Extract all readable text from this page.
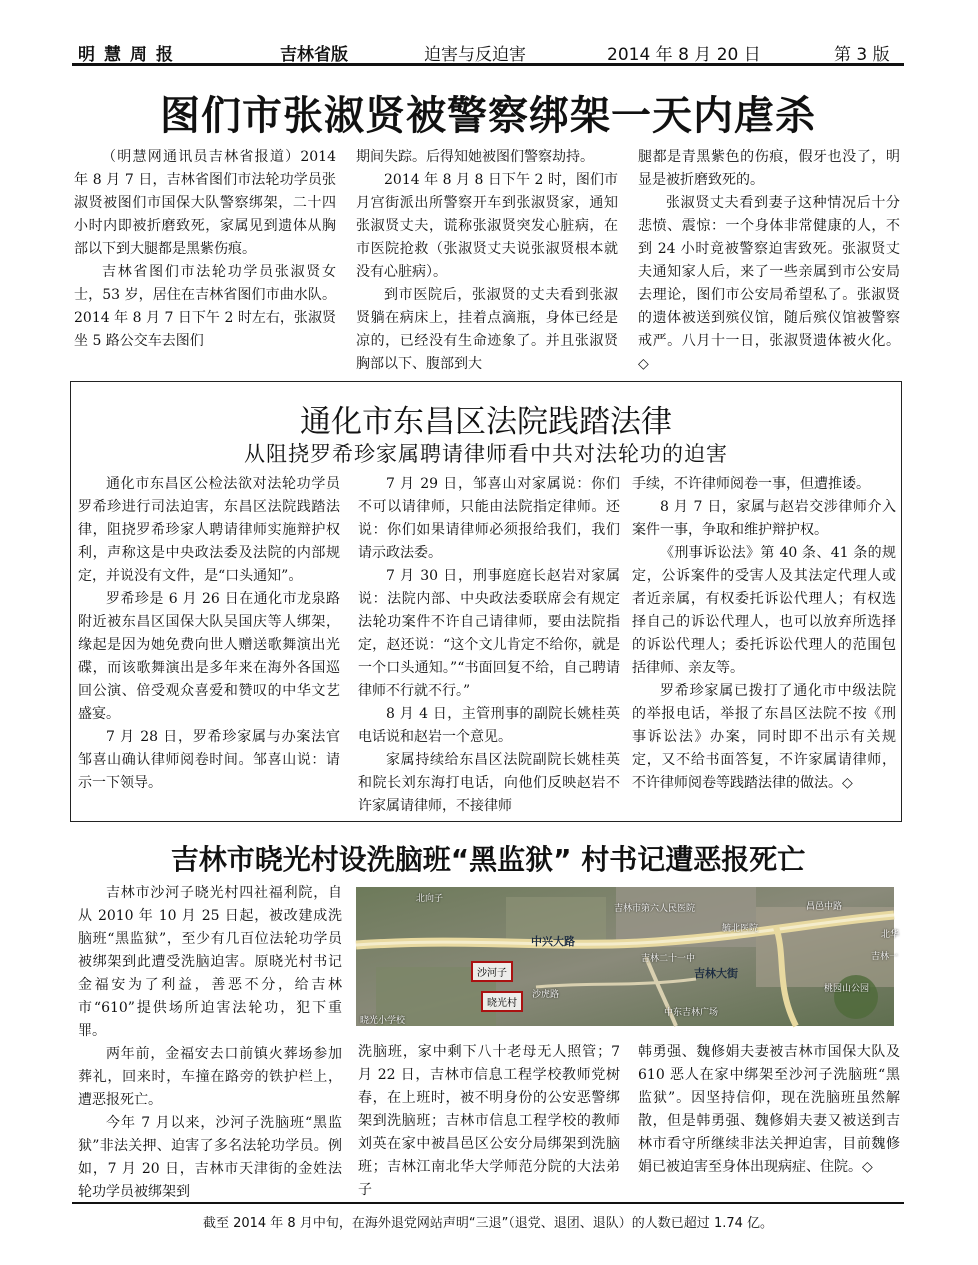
明慧周报	吉林省版	迫害与反迫害	2014 年 8 月 20 日	第 3 版
图们市张淑贤被警察绑架一天内虐杀

（明慧网通讯员吉林省报道）2014 年 8 月 7 日，吉林省图们市法轮功学员张淑贤被图们市国保大队警察绑架，二十四小时内即被折磨致死，家属见到遗体从胸部以下到大腿都是黑紫伤痕。

吉林省图们市法轮功学员张淑贤女士，53 岁，居住在吉林省图们市曲水队。2014 年 8 月 7 日下午 2 时左右，张淑贤坐 5 路公交车去图们

期间失踪。后得知她被图们警察劫持。

2014 年 8 月 8 日下午 2 时，图们市月宫街派出所警察开车到张淑贤家，通知张淑贤丈夫，谎称张淑贤突发心脏病，在市医院抢救（张淑贤丈夫说张淑贤根本就没有心脏病）。

到市医院后，张淑贤的丈夫看到张淑贤躺在病床上，挂着点滴瓶，身体已经是凉的，已经没有生命迹象了。并且张淑贤胸部以下、腹部到大

腿都是青黑紫色的伤痕，假牙也没了，明显是被折磨致死的。

张淑贤丈夫看到妻子这种情况后十分悲愤、震惊：一个身体非常健康的人，不到 24 小时竟被警察迫害致死。张淑贤丈夫通知家人后，来了一些亲属到市公安局去理论，图们市公安局希望私了。张淑贤的遗体被送到殡仪馆，随后殡仪馆被警察戒严。八月十一日，张淑贤遗体被火化。◇

通化市东昌区法院践踏法律
从阻挠罗希珍家属聘请律师看中共对法轮功的迫害

通化市东昌区公检法欲对法轮功学员罗希珍进行司法迫害，东昌区法院践踏法律，阻挠罗希珍家人聘请律师实施辩护权利，声称这是中央政法委及法院的内部规定，并说没有文件，是“口头通知”。

罗希珍是 6 月 26 日在通化市龙泉路附近被东昌区国保大队吴国庆等人绑架，缘起是因为她免费向世人赠送歌舞演出光碟，而该歌舞演出是多年来在海外各国巡回公演、倍受观众喜爱和赞叹的中华文艺盛宴。

7 月 28 日，罗希珍家属与办案法官邹喜山确认律师阅卷时间。邹喜山说：请示一下领导。

7 月 29 日，邹喜山对家属说：你们不可以请律师，只能由法院指定律师。还说：你们如果请律师必须报给我们，我们请示政法委。

7 月 30 日，刑事庭庭长赵岩对家属说：法院内部、中央政法委联席会有规定法轮功案件不许自己请律师，要由法院指定，赵还说：“这个文儿肯定不给你，就是一个口头通知。”“书面回复不给，自己聘请律师不行就不行。”

8 月 4 日，主管刑事的副院长姚桂英电话说和赵岩一个意见。

家属持续给东昌区法院副院长姚桂英和院长刘东海打电话，向他们反映赵岩不许家属请律师，不接律师

手续，不许律师阅卷一事，但遭推诿。

8 月 7 日，家属与赵岩交涉律师介入案件一事，争取和维护辩护权。

《刑事诉讼法》第 40 条、41 条的规定，公诉案件的受害人及其法定代理人或者近亲属，有权委托诉讼代理人；有权选择自己的诉讼代理人，也可以放弃所选择的诉讼代理人；委托诉讼代理人的范围包括律师、亲友等。

罗希珍家属已拨打了通化市中级法院的举报电话，举报了东昌区法院不按《刑事诉讼法》办案，同时即不出示有关规定，又不给书面答复，不许家属请律师，不许律师阅卷等践踏法律的做法。◇

吉林市晓光村设洗脑班“黑监狱” 村书记遭恶报死亡

吉林市沙河子晓光村四社福利院，自从 2010 年 10 月 25 日起，被改建成洗脑班“黑监狱”，至少有几百位法轮功学员被绑架到此遭受洗脑迫害。原晓光村书记金福安为了利益，善恶不分，给吉林市“610”提供场所迫害法轮功，犯下重罪。

两年前，金福安去口前镇火葬场参加葬礼，回来时，车撞在路旁的铁护栏上，遭恶报死亡。

今年 7 月以来，沙河子洗脑班“黑监狱”非法关押、迫害了多名法轮功学员。例如，7 月 20 日，吉林市天津街的金姓法轮功学员被绑架到

北向子
吉林市第六人民医院
毓北医院
昌邑中路
吉林二十一中
桃园山公园
中东吉林广场
晓光小学校
沙虎路
北华
吉林一
中兴大路
吉林大街
沙河子
晓光村

洗脑班，家中剩下八十老母无人照管；7 月 22 日，吉林市信息工程学校教师党树春，在上班时，被不明身份的公安恶警绑架到洗脑班；吉林市信息工程学校的教师刘英在家中被昌邑区公安分局绑架到洗脑班；吉林江南北华大学师范分院的大法弟子

韩勇强、魏修娟夫妻被吉林市国保大队及 610 恶人在家中绑架至沙河子洗脑班“黑监狱”。因坚持信仰，现在洗脑班虽然解散，但是韩勇强、魏修娟夫妻又被送到吉林市看守所继续非法关押迫害，目前魏修娟已被迫害至身体出现病症、住院。◇

截至 2014 年 8 月中旬，在海外退党网站声明“三退”（退党、退团、退队）的人数已超过 1.74 亿。
